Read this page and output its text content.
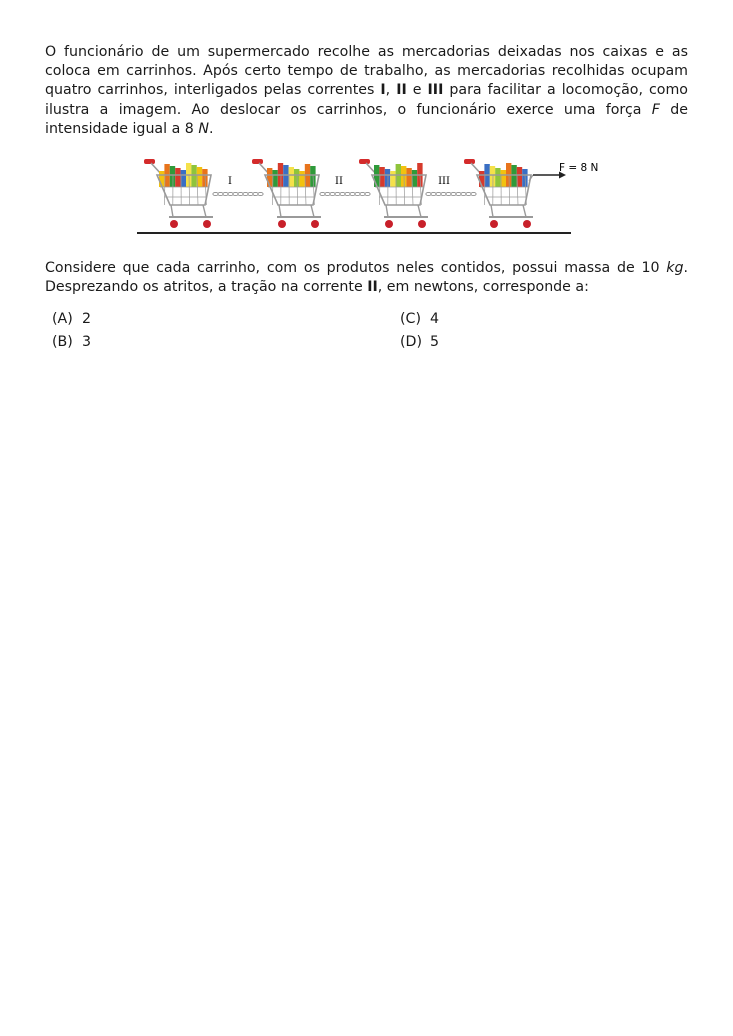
O funcionário de um supermercado recolhe as mercadorias deixadas nos caixas e as coloca em carrinhos. Após certo tempo de trabalho, as mercadorias recolhidas ocupam quatro carrinhos, interligados pelas correntes I, II e III para facilitar a locomoção, como ilustra a imagem. Ao deslocar os carrinhos, o funcionário exerce uma força F de intensidade igual a 8 N.

I	II	III
F = 8 N

Considere que cada carrinho, com os produtos neles contidos, possui massa de 10 kg. Desprezando os atritos, a tração na corrente II, em newtons, corresponde a:

(A) 2
(B) 3
(C) 4
(D) 5
